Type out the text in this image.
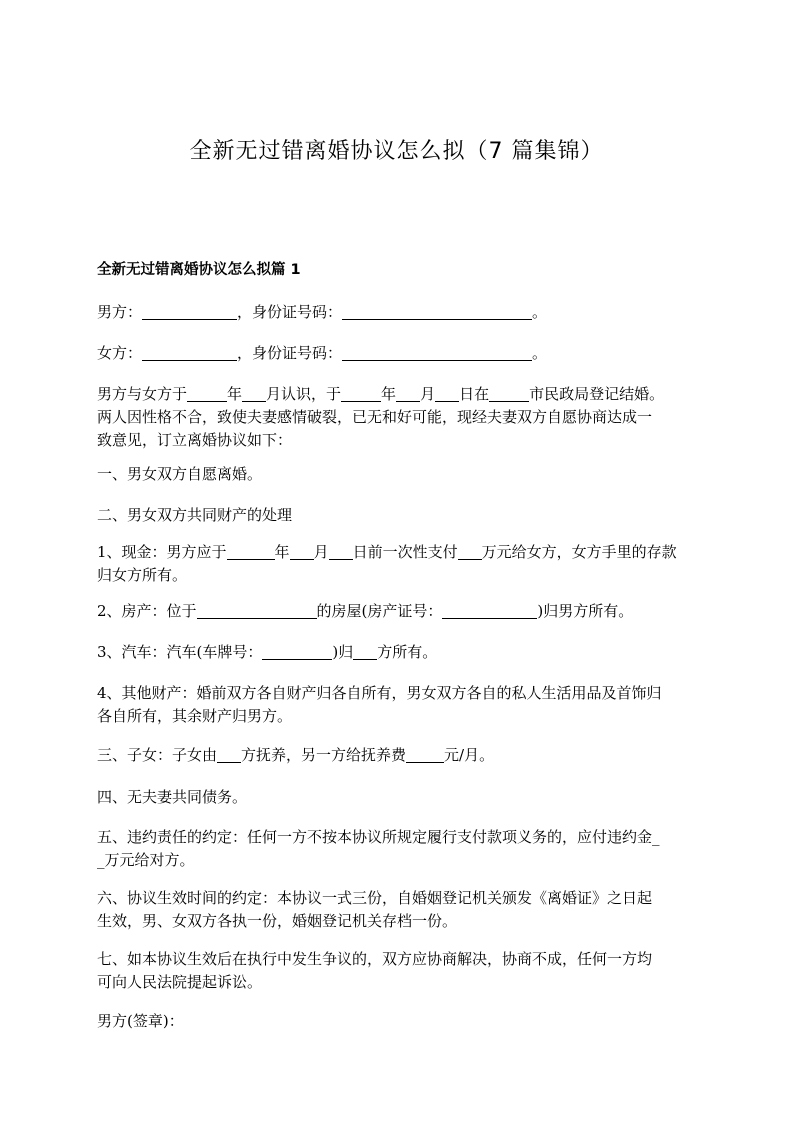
全新无过错离婚协议怎么拟（7 篇集锦）
全新无过错离婚协议怎么拟篇 1
男方：	，身份证号码：	。
女方：	，身份证号码：	。
男方与女方于	年 月认识，于	年 月 日在	市民政局登记结婚。
两人因性格不合，致使夫妻感情破裂，已无和好可能，现经夫妻双方自愿协商达成一
致意见，订立离婚协议如下：
一、男女双方自愿离婚。
二、男女双方共同财产的处理
1、现金：男方应于	年 月 日前一次性支付 万元给女方，女方手里的存款
归女方所有。
2、房产：位于	的房屋(房产证号：	)归男方所有。
3、汽车：汽车(车牌号：	)归 方所有。
4、其他财产：婚前双方各自财产归各自所有，男女双方各自的私人生活用品及首饰归
各自所有，其余财产归男方。
三、子女：子女由 方抚养，另一方给抚养费	元/月。
四、无夫妻共同债务。
五、违约责任的约定：任何一方不按本协议所规定履行支付款项义务的，应付违约金_
_万元给对方。
六、协议生效时间的约定：本协议一式三份，自婚姻登记机关颁发《离婚证》之日起
生效，男、女双方各执一份，婚姻登记机关存档一份。
七、如本协议生效后在执行中发生争议的，双方应协商解决，协商不成，任何一方均
可向人民法院提起诉讼。
男方(签章)：
